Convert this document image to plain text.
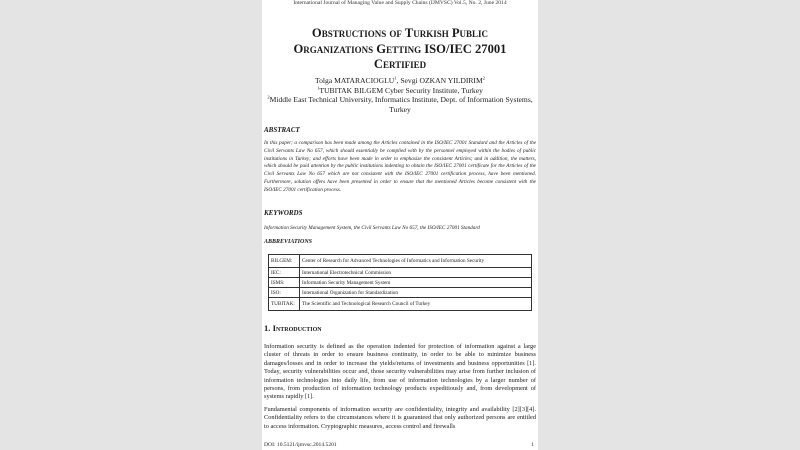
International Journal of Managing Value and Supply Chains (IJMVSC) Vol.5, No. 2, June 2014
Obstructions of Turkish Public
Organizations Getting ISO/IEC 27001
Certified
Tolga MATARACIOGLU$^1$, Sevgi OZKAN YILDIRIM$^2$
$^1$TUBITAK BILGEM Cyber Security Institute, Turkey
$^2$Middle East Technical University, Informatics Institute, Dept. of Information Systems,
Turkey
ABSTRACT
In this paper; a comparison has been made among the Articles contained in the ISO/IEC 27001 Standard and the Articles of the Civil Servants Law No 657, which should essentially be complied with by the personnel employed within the bodies of public institutions in Turkey; and efforts have been made in order to emphasize the consistent Articles; and in addition, the matters, which should be paid attention by the public institutions indenting to obtain the ISO/IEC 27001 certificate for the Articles of the Civil Servants Law No 657 which are not consistent with the ISO/IEC 27001 certification process, have been mentioned. Furthermore, solution offers have been presented in order to ensure that the mentioned Articles become consistent with the ISO/IEC 27001 certification process.
KEYWORDS
Information Security Management System, the Civil Servants Law No 657, the ISO/IEC 27001 Standard
ABBREVIATIONS
BILGEM:	Center of Research for Advanced Technologies of Informatics and Information Security
IEC:	International Electrotechnical Commission
ISMS:	Information Security Management System
ISO:	International Organization for Standardization
TUBITAK:	The Scientific and Technological Research Council of Turkey
1. Introduction
Information security is defined as the operation indented for protection of information against a large cluster of threats in order to ensure business continuity, in order to be able to minimize business damages/losses and in order to increase the yields/returns of investments and business opportunities [1]. Today, security vulnerabilities occur and, those security vulnerabilities may arise from further inclusion of information technologies into daily life, from use of information technologies by a larger number of persons, from production of information technology products expeditiously and, from development of systems rapidly [1].
Fundamental components of information security are confidentiality, integrity and availability [2][3][4]. Confidentiality refers to the circumstances where it is guaranteed that only authorized persons are entitled to access information. Cryptographic measures, access control and firewalls
DOI: 10.5121/ijmvsc.2014.5201	1
